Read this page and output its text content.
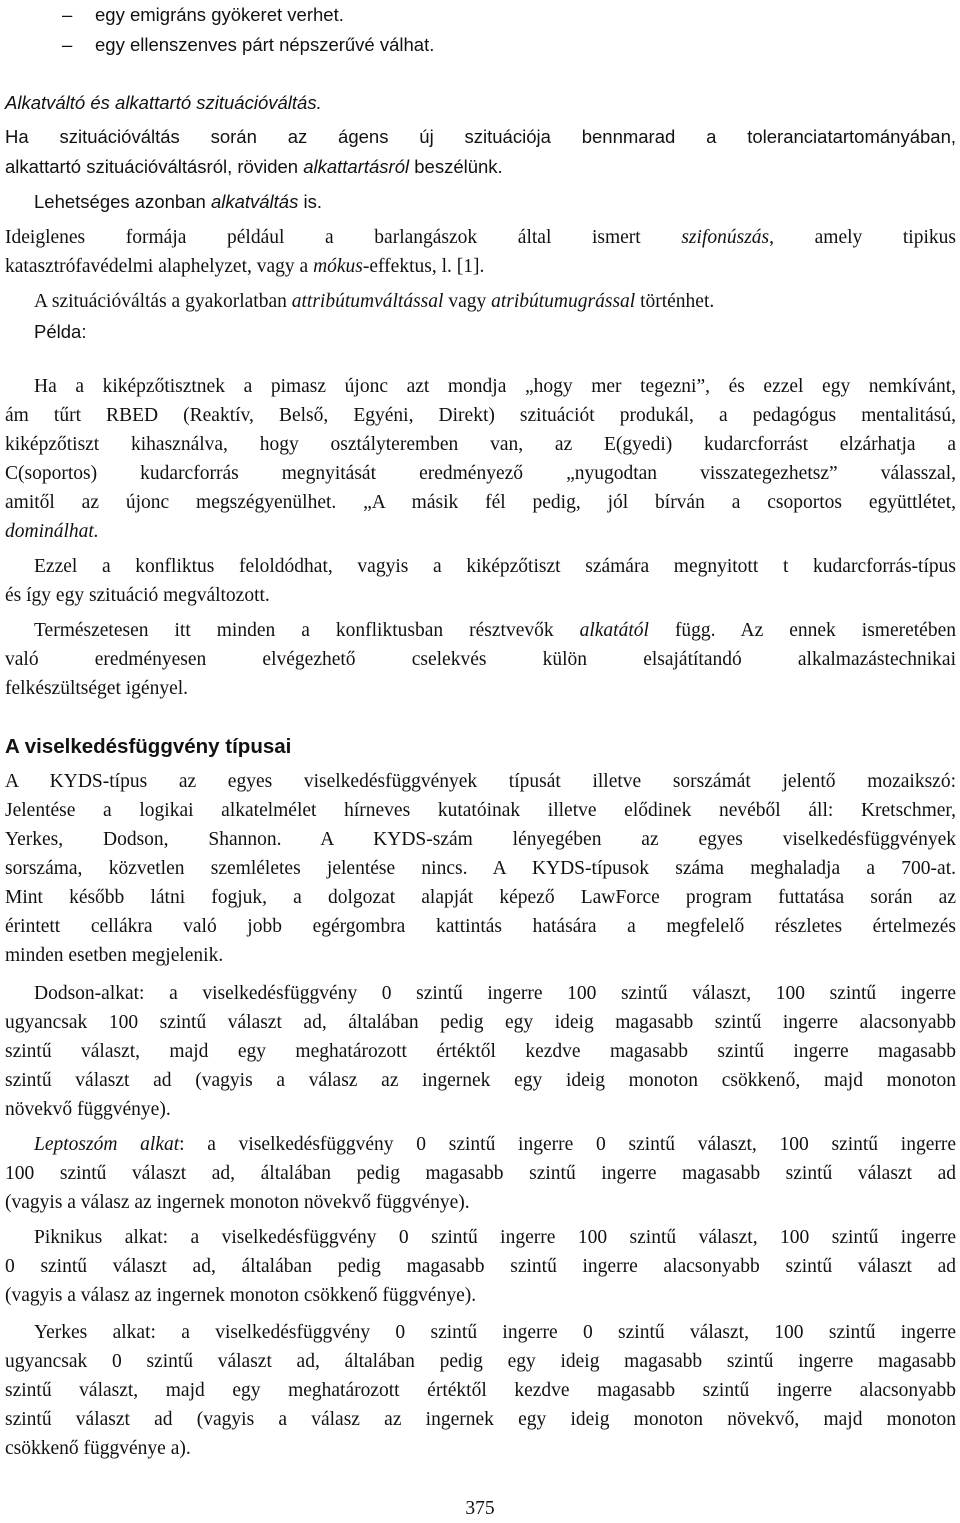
– egy emigráns gyökeret verhet.
– egy ellenszenves párt népszerűvé válhat.
Alkatváltó és alkattartó szituációváltás.
Ha szituációváltás során az ágens új szituációja bennmarad a toleranciatartományában,
alkattartó szituációváltásról, röviden alkattartásról beszélünk.
Lehetséges azonban alkatváltás is.
Ideiglenes formája például a barlangászok által ismert szifonúszás, amely tipikus
katasztrófavédelmi alaphelyzet, vagy a mókus-effektus, l. [1].
A szituációváltás a gyakorlatban attribútumváltással vagy atribútumugrással történhet.
Példa:
Ha a kiképzőtisztnek a pimasz újonc azt mondja „hogy mer tegezni”, és ezzel egy nemkívánt,
ám tűrt RBED (Reaktív, Belső, Egyéni, Direkt) szituációt produkál, a pedagógus mentalitású,
kiképzőtiszt kihasználva, hogy osztályteremben van, az E(gyedi) kudarcforrást elzárhatja a
C(soportos) kudarcforrás megnyitását eredményező „nyugodtan visszategezhetsz” válasszal,
amitől az újonc megszégyenülhet. „A másik fél pedig, jól bírván a csoportos együttlétet,
dominálhat.
Ezzel a konfliktus feloldódhat, vagyis a kiképzőtiszt számára megnyitott t kudarcforrás-típus
és így egy szituáció megváltozott.
Természetesen itt minden a konfliktusban résztvevők alkatától függ. Az ennek ismeretében
való eredményesen elvégezhető cselekvés külön elsajátítandó alkalmazástechnikai
felkészültséget igényel.
A viselkedésfüggvény típusai
A KYDS-típus az egyes viselkedésfüggvények típusát illetve sorszámát jelentő mozaikszó:
Jelentése a logikai alkatelmélet hírneves kutatóinak illetve elődinek nevéből áll: Kretschmer,
Yerkes, Dodson, Shannon. A KYDS-szám lényegében az egyes viselkedésfüggvények
sorszáma, közvetlen szemléletes jelentése nincs. A KYDS-típusok száma meghaladja a 700-at.
Mint később látni fogjuk, a dolgozat alapját képező LawForce program futtatása során az
érintett cellákra való jobb egérgombra kattintás hatására a megfelelő részletes értelmezés
minden esetben megjelenik.
Dodson-alkat: a viselkedésfüggvény 0 szintű ingerre 100 szintű választ, 100 szintű ingerre
ugyancsak 100 szintű választ ad, általában pedig egy ideig magasabb szintű ingerre alacsonyabb
szintű választ, majd egy meghatározott értéktől kezdve magasabb szintű ingerre magasabb
szintű választ ad (vagyis a válasz az ingernek egy ideig monoton csökkenő, majd monoton
növekvő függvénye).
Leptoszóm alkat: a viselkedésfüggvény 0 szintű ingerre 0 szintű választ, 100 szintű ingerre
100 szintű választ ad, általában pedig magasabb szintű ingerre magasabb szintű választ ad
(vagyis a válasz az ingernek monoton növekvő függvénye).
Piknikus alkat: a viselkedésfüggvény 0 szintű ingerre 100 szintű választ, 100 szintű ingerre
0 szintű választ ad, általában pedig magasabb szintű ingerre alacsonyabb szintű választ ad
(vagyis a válasz az ingernek monoton csökkenő függvénye).
Yerkes alkat: a viselkedésfüggvény 0 szintű ingerre 0 szintű választ, 100 szintű ingerre
ugyancsak 0 szintű választ ad, általában pedig egy ideig magasabb szintű ingerre magasabb
szintű választ, majd egy meghatározott értéktől kezdve magasabb szintű ingerre alacsonyabb
szintű választ ad (vagyis a válasz az ingernek egy ideig monoton növekvő, majd monoton
csökkenő függvénye a).
375
